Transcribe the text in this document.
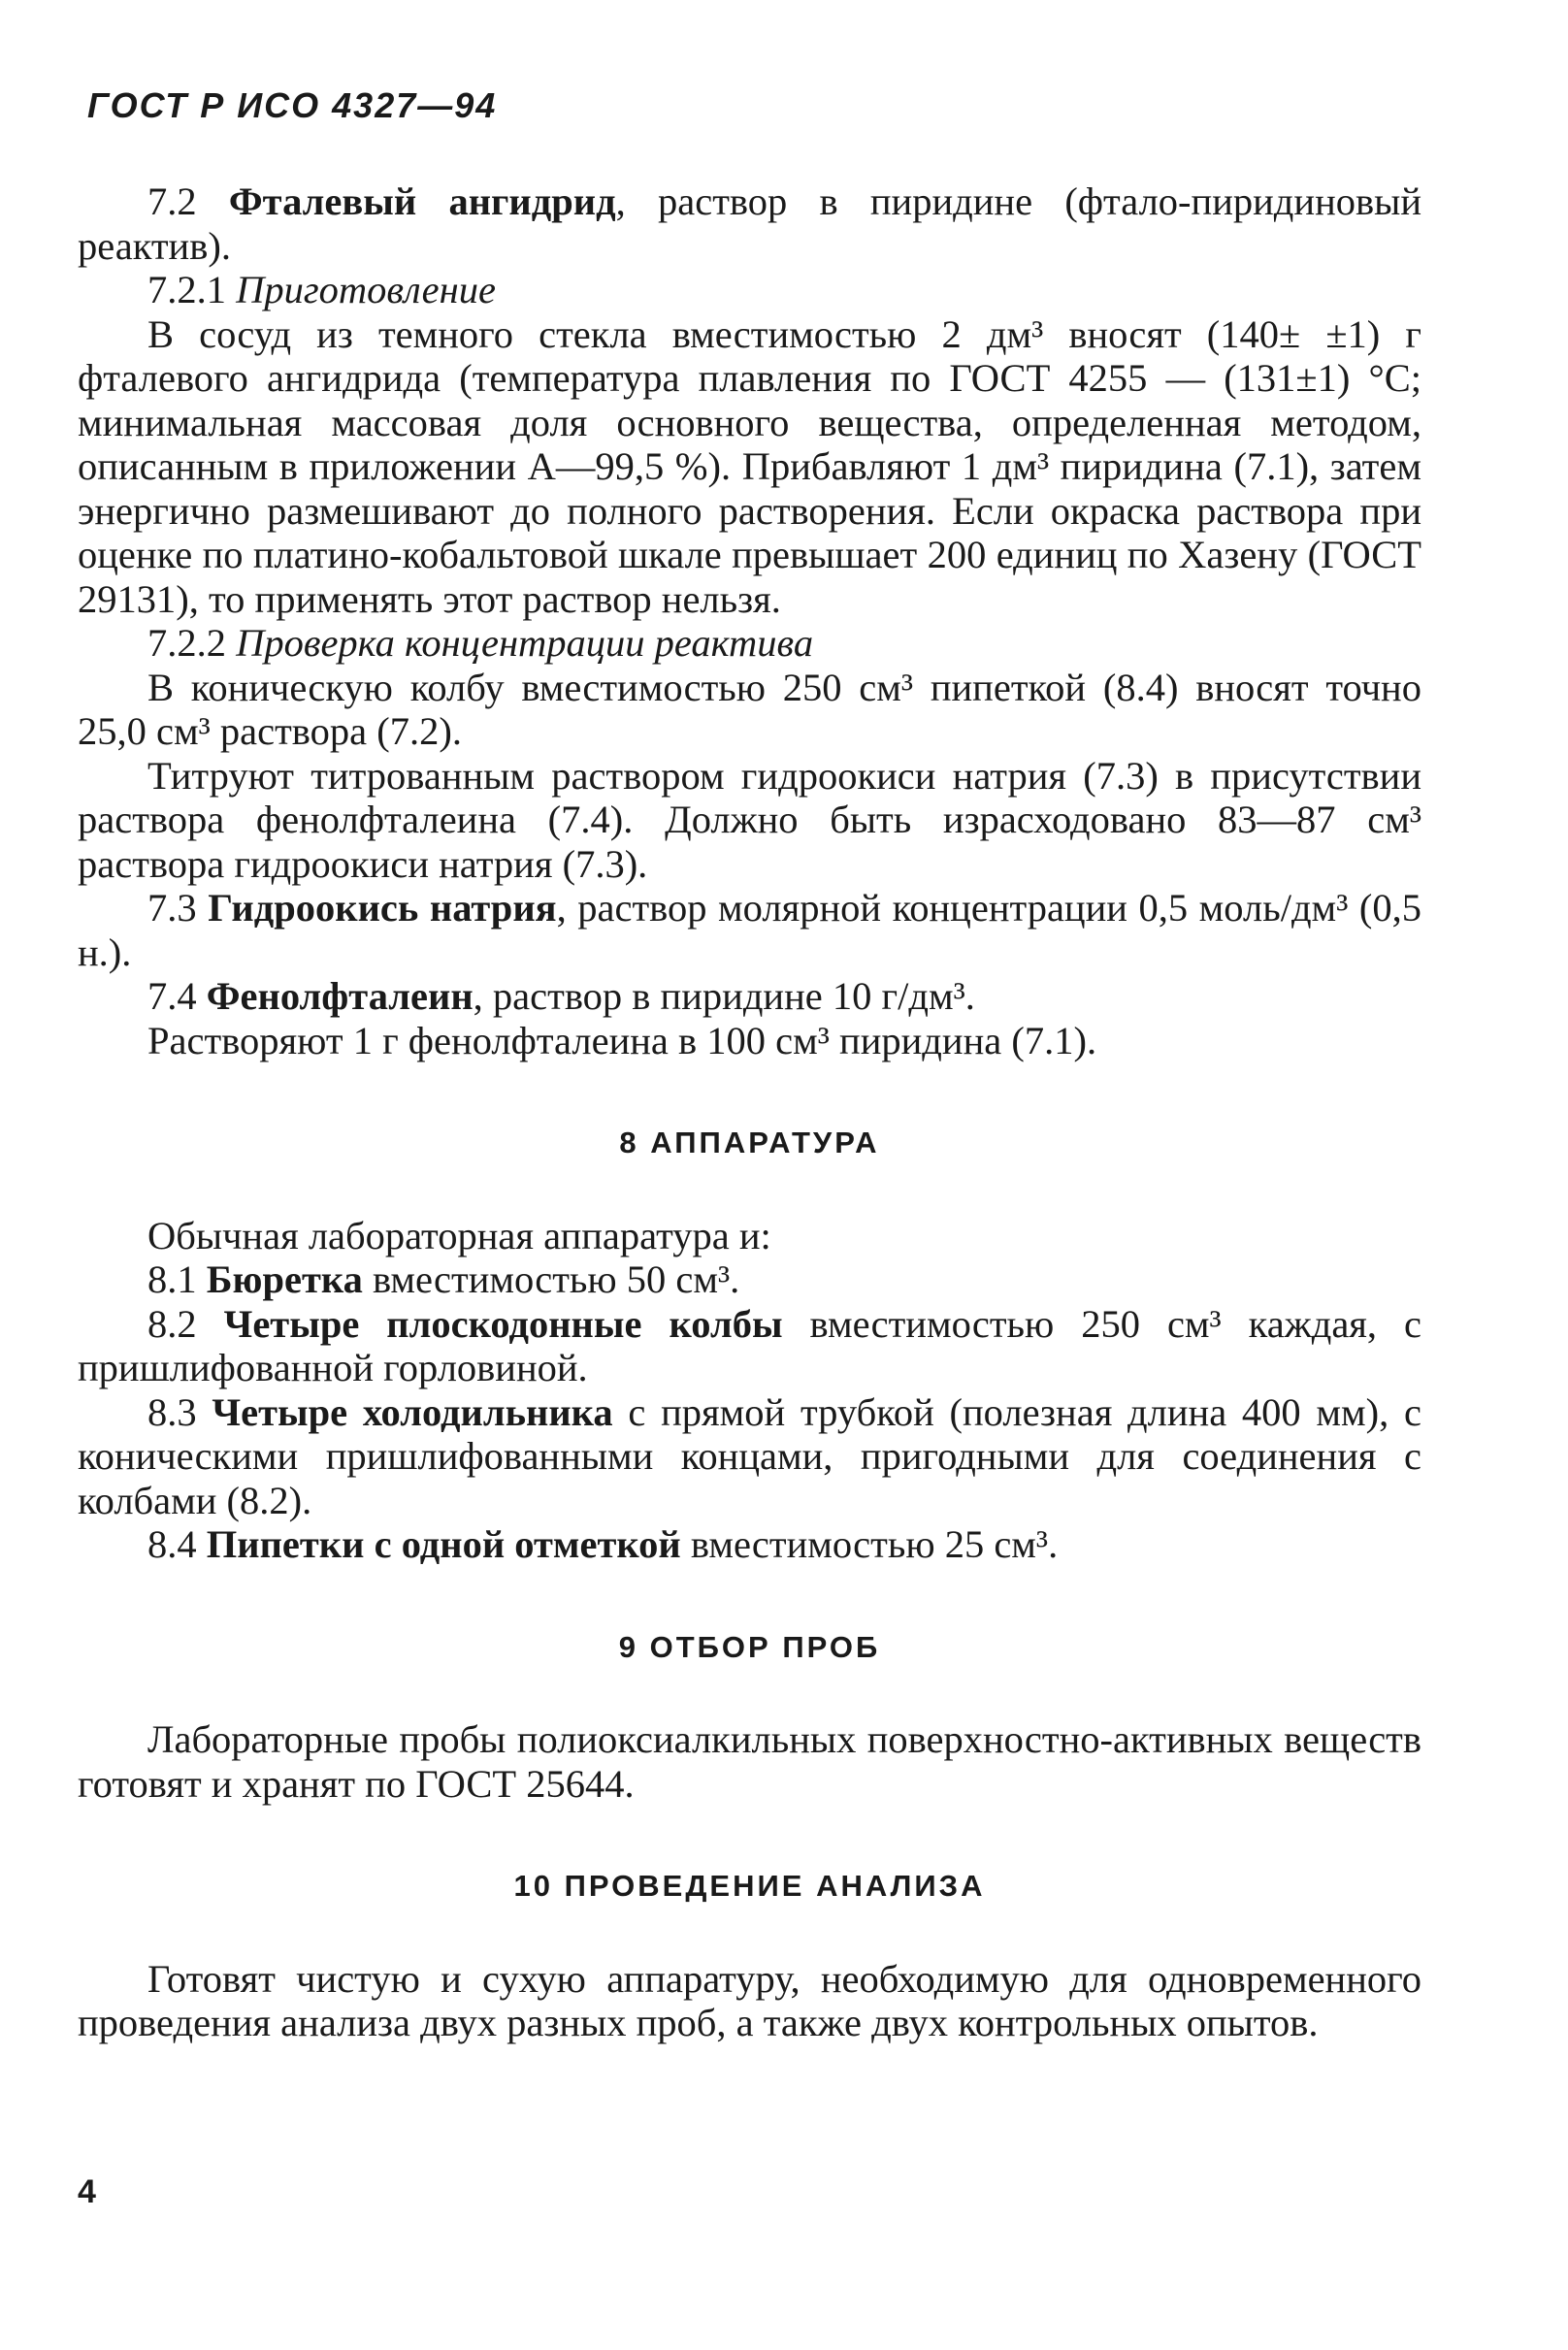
ГОСТ Р ИСО 4327—94

7.2 Фталевый ангидрид, раствор в пиридине (фтало-пиридиновый реактив).

7.2.1 Приготовление

В сосуд из темного стекла вместимостью 2 дм³ вносят (140± ±1) г фталевого ангидрида (температура плавления по ГОСТ 4255 — (131±1) °C; минимальная массовая доля основного вещества, определенная методом, описанным в приложении А—99,5 %). Прибавляют 1 дм³ пиридина (7.1), затем энергично размешивают до полного растворения. Если окраска раствора при оценке по платино-кобальтовой шкале превышает 200 единиц по Хазену (ГОСТ 29131), то применять этот раствор нельзя.

7.2.2 Проверка концентрации реактива

В коническую колбу вместимостью 250 см³ пипеткой (8.4) вносят точно 25,0 см³ раствора (7.2).

Титруют титрованным раствором гидроокиси натрия (7.3) в присутствии раствора фенолфталеина (7.4). Должно быть израсходовано 83—87 см³ раствора гидроокиси натрия (7.3).

7.3 Гидроокись натрия, раствор молярной концентрации 0,5 моль/дм³ (0,5 н.).

7.4 Фенолфталеин, раствор в пиридине 10 г/дм³.

Растворяют 1 г фенолфталеина в 100 см³ пиридина (7.1).

8 АППАРАТУРА

Обычная лабораторная аппаратура и:

8.1 Бюретка вместимостью 50 см³.

8.2 Четыре плоскодонные колбы вместимостью 250 см³ каждая, с пришлифованной горловиной.

8.3 Четыре холодильника с прямой трубкой (полезная длина 400 мм), с коническими пришлифованными концами, пригодными для соединения с колбами (8.2).

8.4 Пипетки с одной отметкой вместимостью 25 см³.

9 ОТБОР ПРОБ

Лабораторные пробы полиоксиалкильных поверхностно-активных веществ готовят и хранят по ГОСТ 25644.

10 ПРОВЕДЕНИЕ АНАЛИЗА

Готовят чистую и сухую аппаратуру, необходимую для одновременного проведения анализа двух разных проб, а также двух контрольных опытов.

4
